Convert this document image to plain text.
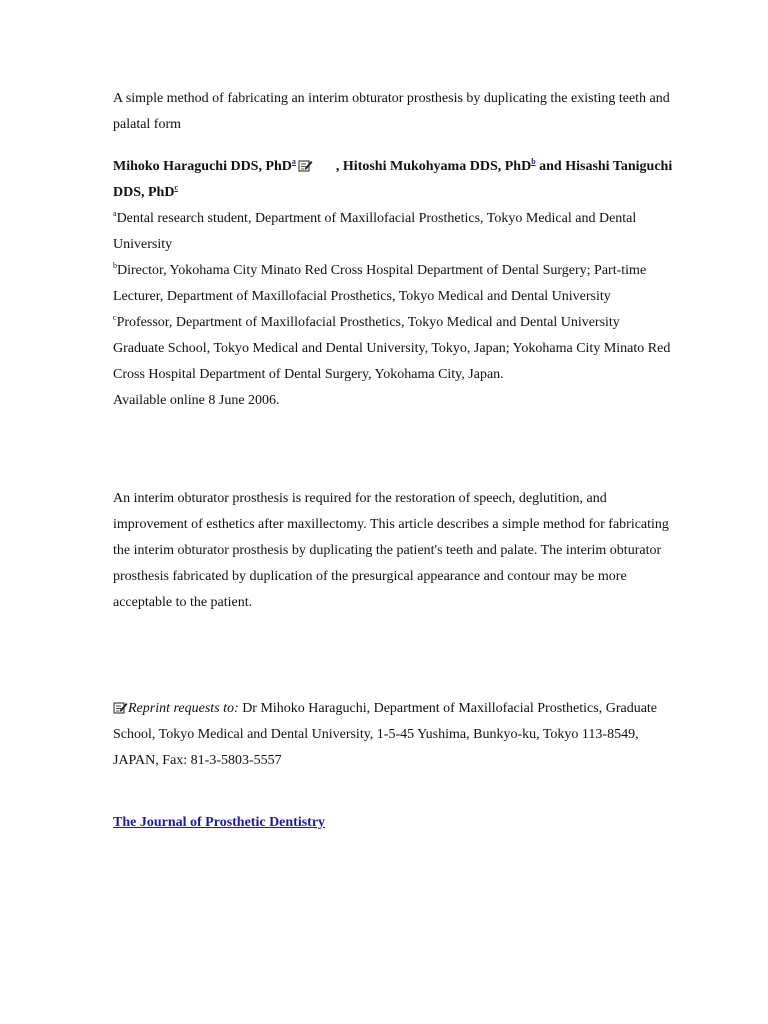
A simple method of fabricating an interim obturator prosthesis by duplicating the existing teeth and palatal form

Mihoko Haraguchi DDS, PhD$^a$	, Hitoshi Mukohyama DDS, PhD$^b$ and Hisashi Taniguchi DDS, PhD$^c$

$^a$Dental research student, Department of Maxillofacial Prosthetics, Tokyo Medical and Dental University

$^b$Director, Yokohama City Minato Red Cross Hospital Department of Dental Surgery; Part-time Lecturer, Department of Maxillofacial Prosthetics, Tokyo Medical and Dental University

$^c$Professor, Department of Maxillofacial Prosthetics, Tokyo Medical and Dental University

Graduate School, Tokyo Medical and Dental University, Tokyo, Japan; Yokohama City Minato Red Cross Hospital Department of Dental Surgery, Yokohama City, Japan.

Available online 8 June 2006.

An interim obturator prosthesis is required for the restoration of speech, deglutition, and improvement of esthetics after maxillectomy. This article describes a simple method for fabricating the interim obturator prosthesis by duplicating the patient's teeth and palate. The interim obturator prosthesis fabricated by duplication of the presurgical appearance and contour may be more acceptable to the patient.

Reprint requests to: Dr Mihoko Haraguchi, Department of Maxillofacial Prosthetics, Graduate School, Tokyo Medical and Dental University, 1-5-45 Yushima, Bunkyo-ku, Tokyo 113-8549, JAPAN, Fax: 81-3-5803-5557

The Journal of Prosthetic Dentistry
